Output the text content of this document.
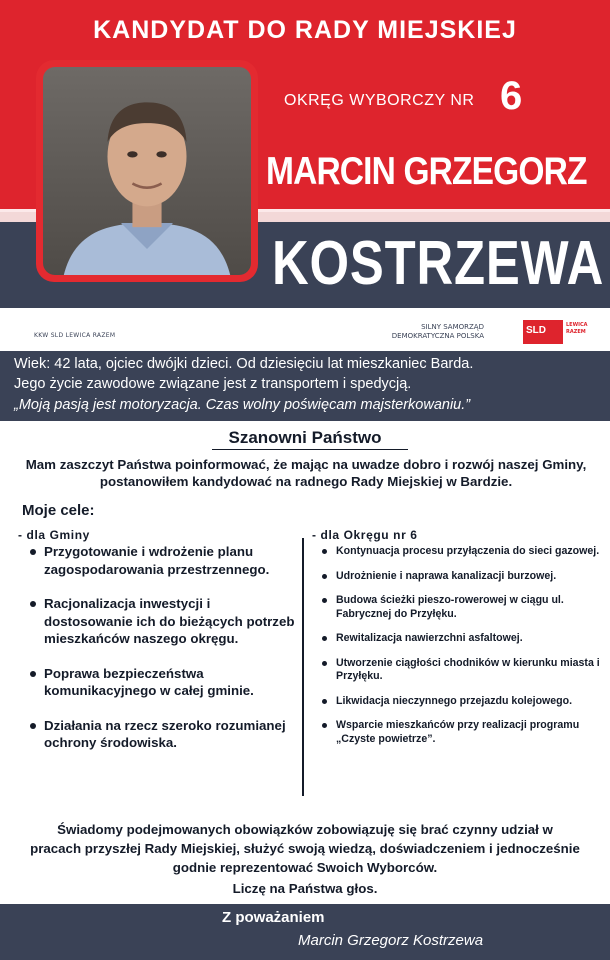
KANDYDAT DO RADY MIEJSKIEJ
OKRĘG WYBORCZY NR 6
MARCIN GRZEGORZ
KOSTRZEWA
KKW SLD LEWICA RAZEM
SILNY SAMORZĄD
DEMOKRATYCZNA POLSKA	SLD	LEWICA
RAZEM
Wiek: 42 lata, ojciec dwójki dzieci. Od dziesięciu lat mieszkaniec Barda.
Jego życie zawodowe związane jest z transportem i spedycją.
„Moją pasją jest motoryzacja. Czas wolny poświęcam majsterkowaniu.”
Szanowni Państwo
Mam zaszczyt Państwa poinformować, że mając na uwadze dobro i rozwój naszej Gminy, postanowiłem kandydować na radnego Rady Miejskiej w Bardzie.
Moje cele:
- dla Gminy	- dla Okręgu nr 6
Przygotowanie i wdrożenie planu zagospodarowania przestrzennego.
Racjonalizacja inwestycji i dostosowanie ich do bieżących potrzeb mieszkańców naszego okręgu.
Poprawa bezpieczeństwa komunikacyjnego w całej gminie.
Działania na rzecz szeroko rozumianej ochrony środowiska.
Kontynuacja procesu przyłączenia do sieci gazowej.
Udrożnienie i naprawa kanalizacji burzowej.
Budowa ścieżki pieszo-rowerowej w ciągu ul. Fabrycznej do Przyłęku.
Rewitalizacja nawierzchni asfaltowej.
Utworzenie ciągłości chodników w kierunku miasta i Przyłęku.
Likwidacja nieczynnego przejazdu kolejowego.
Wsparcie mieszkańców przy realizacji programu „Czyste powietrze”.
Świadomy podejmowanych obowiązków zobowiązuję się brać czynny udział w pracach przyszłej Rady Miejskiej, służyć swoją wiedzą, doświadczeniem i jednocześnie godnie reprezentować Swoich Wyborców.
Liczę na Państwa głos.
Z poważaniem
Marcin Grzegorz Kostrzewa
